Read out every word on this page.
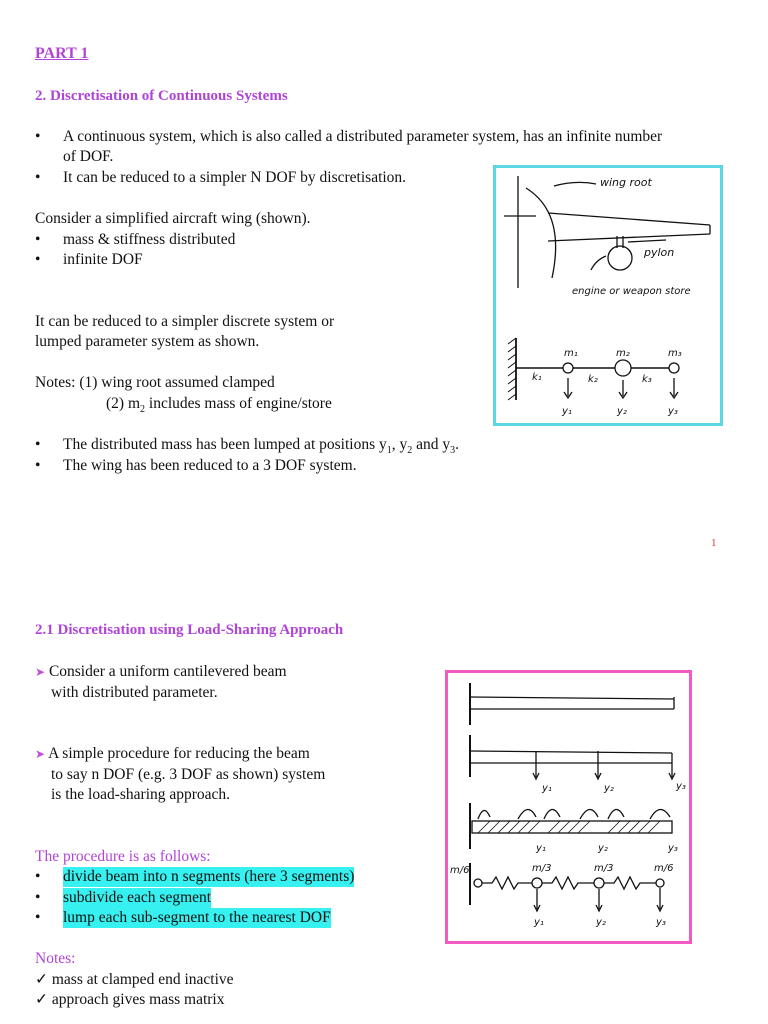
PART 1
2. Discretisation of Continuous Systems
• A continuous system, which is also called a distributed parameter system, has an infinite number
of DOF.
• It can be reduced to a simpler N DOF by discretisation.
Consider a simplified aircraft wing (shown).
• mass & stiffness distributed
• infinite DOF
It can be reduced to a simpler discrete system or
lumped parameter system as shown.
Notes: (1) wing root assumed clamped
(2) $m_2$ includes mass of engine/store
• The distributed mass has been lumped at positions $y_1$, $y_2$ and $y_3$.
• The wing has been reduced to a 3 DOF system.
wing root
pylon
engine or weapon store
m₁	m₂	m₃
k₁	k₂	k₃
y₁	y₂	y₃
1
2.1 Discretisation using Load-Sharing Approach
➤ Consider a uniform cantilevered beam
with distributed parameter.
➤ A simple procedure for reducing the beam
to say n DOF (e.g. 3 DOF as shown) system
is the load-sharing approach.
The procedure is as follows:
• divide beam into n segments (here 3 segments)
• subdivide each segment
• lump each sub-segment to the nearest DOF
Notes:
✓ mass at clamped end inactive
✓ approach gives mass matrix
y₁	y₂	y₃
y₁	y₂	y₃
m/6	m/3	m/3	m/6
y₁	y₂	y₃
